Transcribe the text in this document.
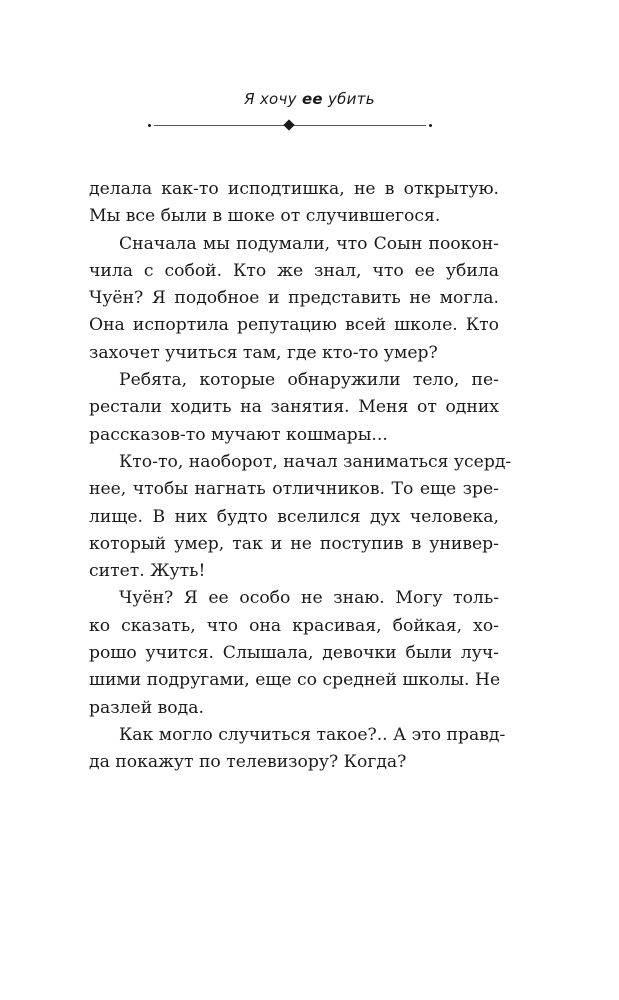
Я хочу ее убить
делала как-то исподтишка, не в открытую.
Мы все были в шоке от случившегося.
Сначала мы подумали, что Соын поокон-
чила с собой. Кто же знал, что ее убила
Чуён? Я подобное и представить не могла.
Она испортила репутацию всей школе. Кто
захочет учиться там, где кто-то умер?
Ребята, которые обнаружили тело, пе-
рестали ходить на занятия. Меня от одних
рассказов-то мучают кошмары...
Кто-то, наоборот, начал заниматься усерд-
нее, чтобы нагнать отличников. То еще зре-
лище. В них будто вселился дух человека,
который умер, так и не поступив в универ-
ситет. Жуть!
Чуён? Я ее особо не знаю. Могу толь-
ко сказать, что она красивая, бойкая, хо-
рошо учится. Слышала, девочки были луч-
шими подругами, еще со средней школы. Не
разлей вода.
Как могло случиться такое?.. А это правд-
да покажут по телевизору? Когда?
